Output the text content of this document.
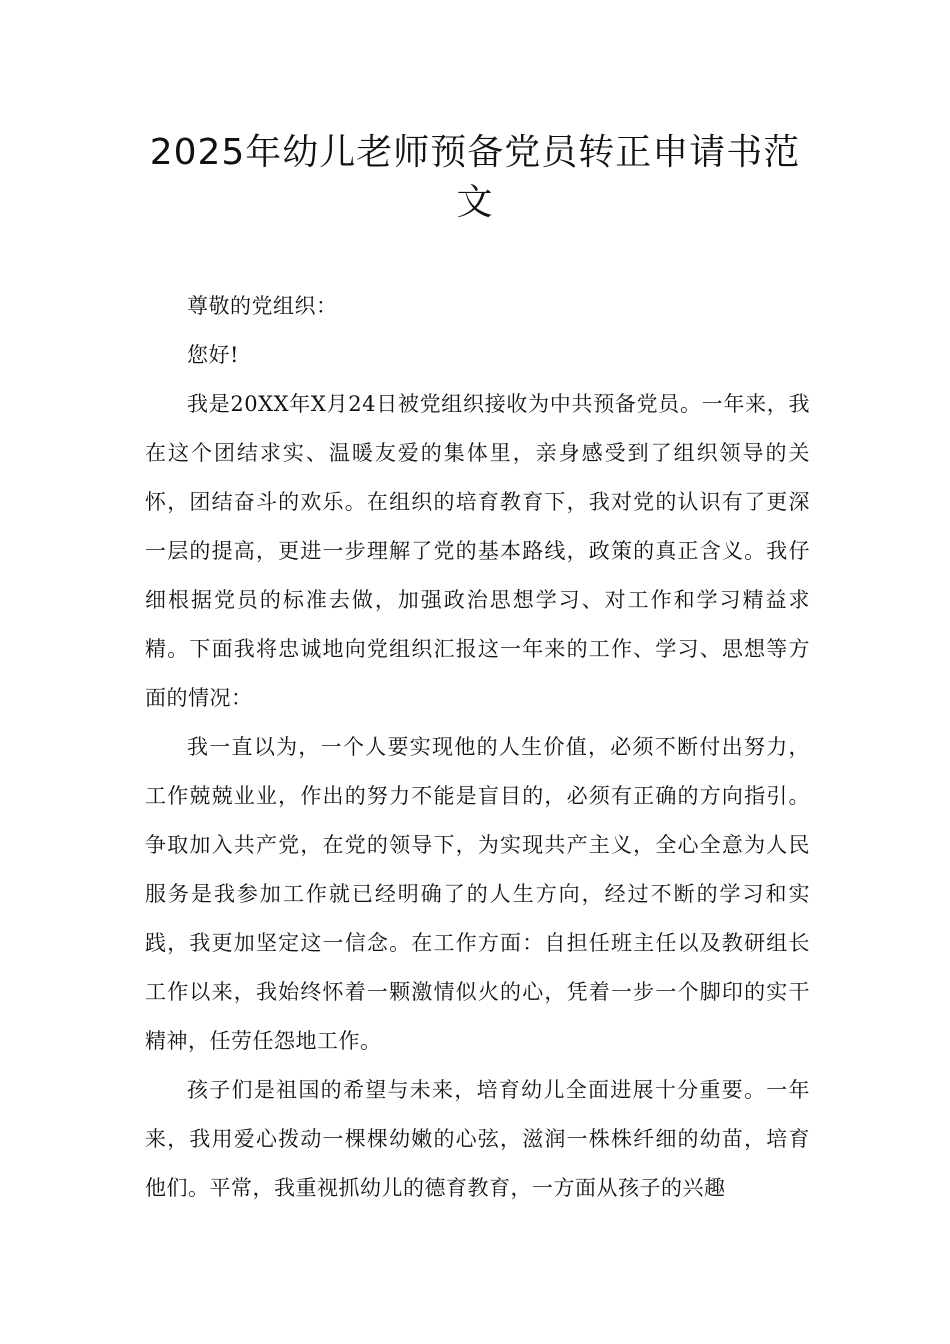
2025年幼儿老师预备党员转正申请书范文

尊敬的党组织：

您好!

我是20XX年X月24日被党组织接收为中共预备党员。一年来，我在这个团结求实、温暖友爱的集体里，亲身感受到了组织领导的关怀，团结奋斗的欢乐。在组织的培育教育下，我对党的认识有了更深一层的提高，更进一步理解了党的基本路线，政策的真正含义。我仔细根据党员的标准去做，加强政治思想学习、对工作和学习精益求精。下面我将忠诚地向党组织汇报这一年来的工作、学习、思想等方面的情况：

我一直以为，一个人要实现他的人生价值，必须不断付出努力，工作兢兢业业，作出的努力不能是盲目的，必须有正确的方向指引。争取加入共产党，在党的领导下，为实现共产主义，全心全意为人民服务是我参加工作就已经明确了的人生方向，经过不断的学习和实践，我更加坚定这一信念。在工作方面：自担任班主任以及教研组长工作以来，我始终怀着一颗激情似火的心，凭着一步一个脚印的实干精神，任劳任怨地工作。

孩子们是祖国的希望与未来，培育幼儿全面进展十分重要。一年来，我用爱心拨动一棵棵幼嫩的心弦，滋润一株株纤细的幼苗，培育他们。平常，我重视抓幼儿的德育教育，一方面从孩子的兴趣
